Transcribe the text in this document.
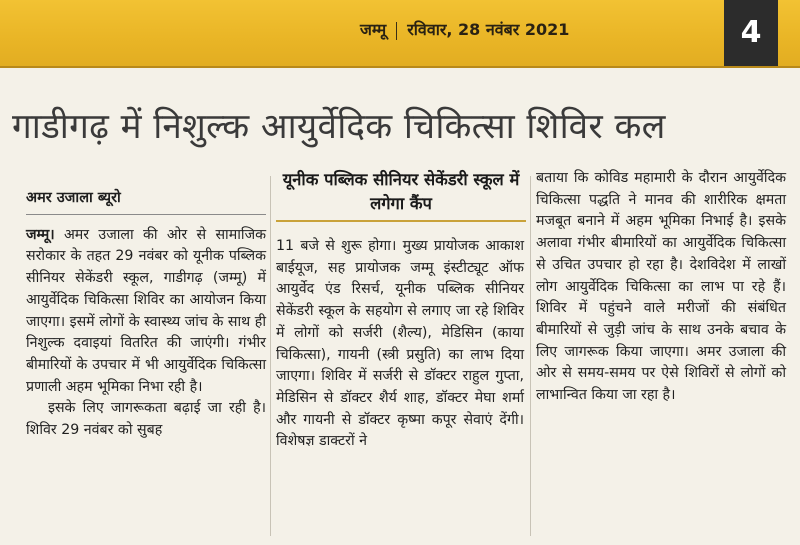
जम्मू रविवार, 28 नवंबर 2021	4
गाडीगढ़ में निशुल्क आयुर्वेदिक चिकित्सा शिविर कल
अमर उजाला ब्यूरो
जम्मू। अमर उजाला की ओर से सामाजिक सरोकार के तहत 29 नवंबर को यूनीक पब्लिक सीनियर सेकेंडरी स्कूल, गाडीगढ़ (जम्मू) में आयुर्वेदिक चिकित्सा शिविर का आयोजन किया जाएगा। इसमें लोगों के स्वास्थ्य जांच के साथ ही निशुल्क दवाइयां वितरित की जाएंगी। गंभीर बीमारियों के उपचार में भी आयुर्वेदिक चिकित्सा प्रणाली अहम भूमिका निभा रही है।
इसके लिए जागरूकता बढ़ाई जा रही है। शिविर 29 नवंबर को सुबह
यूनीक पब्लिक सीनियर सेकेंडरी स्कूल में लगेगा कैंप
11 बजे से शुरू होगा। मुख्य प्रायोजक आकाश बाईयूज, सह प्रायोजक जम्मू इंस्टीट्यूट ऑफ आयुर्वेद एंड रिसर्च, यूनीक पब्लिक सीनियर सेकेंडरी स्कूल के सहयोग से लगाए जा रहे शिविर में लोगों को सर्जरी (शैल्य), मेडिसिन (काया चिकित्सा), गायनी (स्त्री प्रसुति) का लाभ दिया जाएगा। शिविर में सर्जरी से डॉक्टर राहुल गुप्ता, मेडिसिन से डॉक्टर शैर्य शाह, डॉक्टर मेघा शर्मा और गायनी से डॉक्टर कृष्मा कपूर सेवाएं देंगी। विशेषज्ञ डाक्टरों ने
बताया कि कोविड महामारी के दौरान आयुर्वेदिक चिकित्सा पद्धति ने मानव की शारीरिक क्षमता मजबूत बनाने में अहम भूमिका निभाई है। इसके अलावा गंभीर बीमारियों का आयुर्वेदिक चिकित्सा से उचित उपचार हो रहा है। देशविदेश में लाखों लोग आयुर्वेदिक चिकित्सा का लाभ पा रहे हैं। शिविर में पहुंचने वाले मरीजों की संबंधित बीमारियों से जुड़ी जांच के साथ उनके बचाव के लिए जागरूक किया जाएगा। अमर उजाला की ओर से समय-समय पर ऐसे शिविरों से लोगों को लाभान्वित किया जा रहा है।
